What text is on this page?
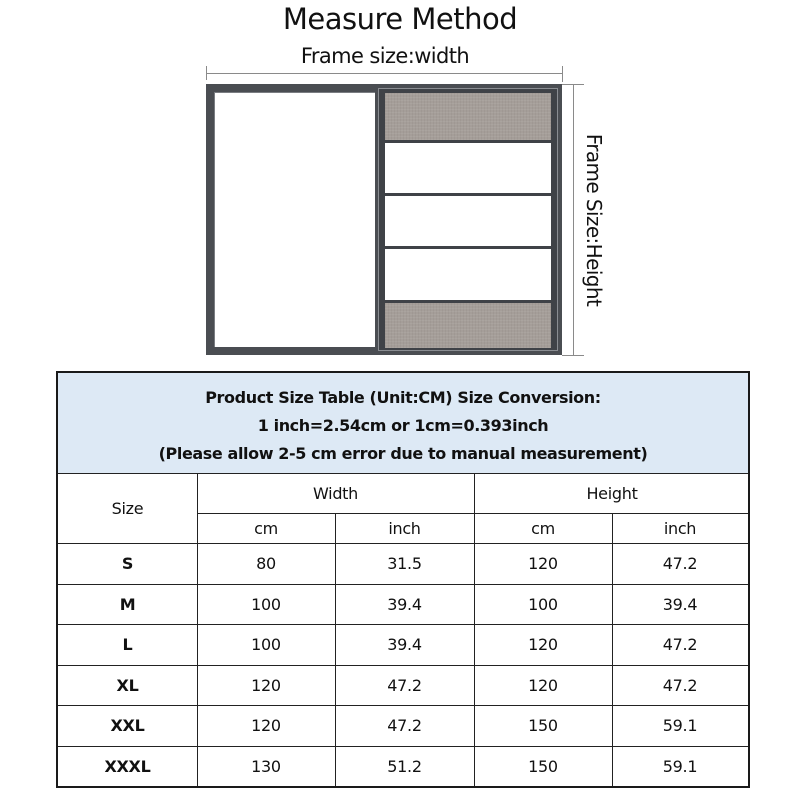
Measure Method
Frame size:width
Frame Size:Height
Product Size Table (Unit:CM) Size Conversion:
1 inch=2.54cm or 1cm=0.393inch
(Please allow 2-5 cm error due to manual measurement)
Size
Width	Height
cm	inch	cm	inch
S	80	31.5	120	47.2
M	100	39.4	100	39.4
L	100	39.4	120	47.2
XL	120	47.2	120	47.2
XXL	120	47.2	150	59.1
XXXL	130	51.2	150	59.1
